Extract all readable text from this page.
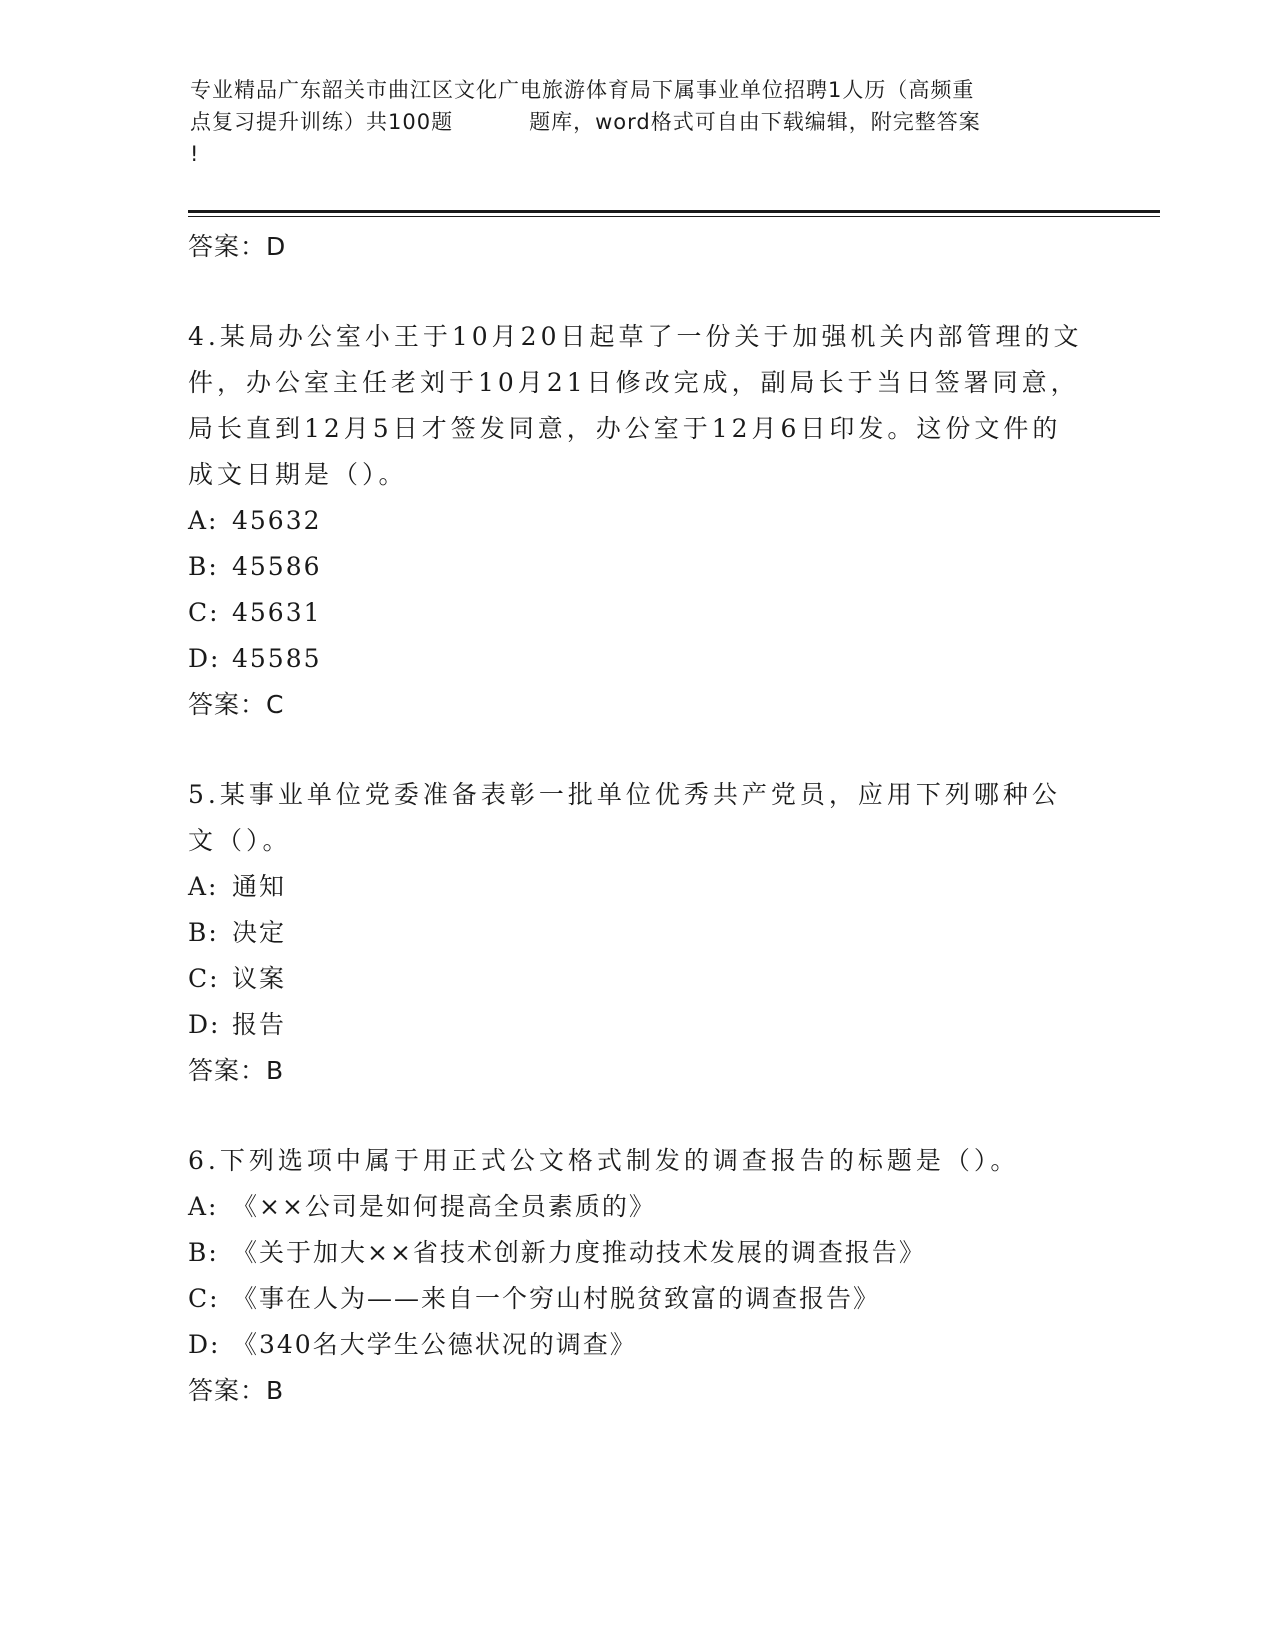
专业精品广东韶关市曲江区文化广电旅游体育局下属事业单位招聘1人历（高频重
点复习提升训练）共100题	题库，word格式可自由下载编辑，附完整答案
!
答案：D
4.某局办公室小王于10月20日起草了一份关于加强机关内部管理的文件，办公室主任老刘于10月21日修改完成，副局长于当日签署同意，局长直到12月5日才签发同意，办公室于12月6日印发。这份文件的成文日期是（）。
A: 45632
B: 45586
C: 45631
D: 45585
答案：C
5.某事业单位党委准备表彰一批单位优秀共产党员，应用下列哪种公文（）。
A: 通知
B: 决定
C: 议案
D: 报告
答案：B
6.下列选项中属于用正式公文格式制发的调查报告的标题是（）。
A: 《××公司是如何提高全员素质的》
B: 《关于加大××省技术创新力度推动技术发展的调查报告》
C: 《事在人为——来自一个穷山村脱贫致富的调查报告》
D: 《340名大学生公德状况的调查》
答案：B
